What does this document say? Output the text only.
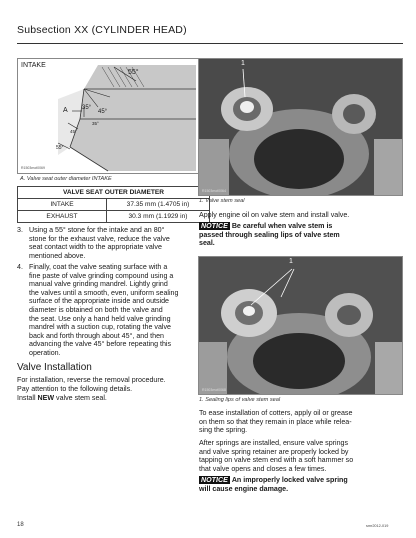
Subsection XX (CYLINDER HEAD)
INTAKE
55°
A 35°
45°
35°
45°
55°
R1503mot0069
A. Valve seat outer diameter INTAKE
VALVE SEAT OUTER DIAMETER	
INTAKE	37.35 mm (1.4705 in)
EXHAUST	30.3 mm (1.1929 in)
3. Using a 55° stone for the intake and an 80°
stone for the exhaust valve, reduce the valve
seat contact width to the appropriate valve
mentioned above.
4. Finally, coat the valve seating surface with a
fine paste of valve grinding compound using a
manual valve grinding mandrel. Lightly grind
the valves until a smooth, even, uniform sealing
surface of the appropriate inside and outside
diameter is obtained on both the valve and
the seat. Use only a hand held valve grinding
mandrel with a suction cup, rotating the valve
back and forth through about 45°, and then
advancing the valve 45° before repeating this
operation.
Valve Installation
For installation, reverse the removal procedure.
Pay attention to the following details.
Install NEW valve stem seal.
1
R1503mot0064
1. Valve stem seal
Apply engine oil on valve stem and install valve.
NOTICE Be careful when valve stem is
passed through sealing lips of valve stem
seal.
1
R1503mot0068
1. Sealing lips of valve stem seal
To ease installation of cotters, apply oil or grease
on them so that they remain in place while relea-
sing the spring.
After springs are installed, ensure valve springs
and valve spring retainer are properly locked by
tapping on valve stem end with a soft hammer so
that valve opens and closes a few times.
NOTICE An improperly locked valve spring
will cause engine damage.
18	smr2012-019
